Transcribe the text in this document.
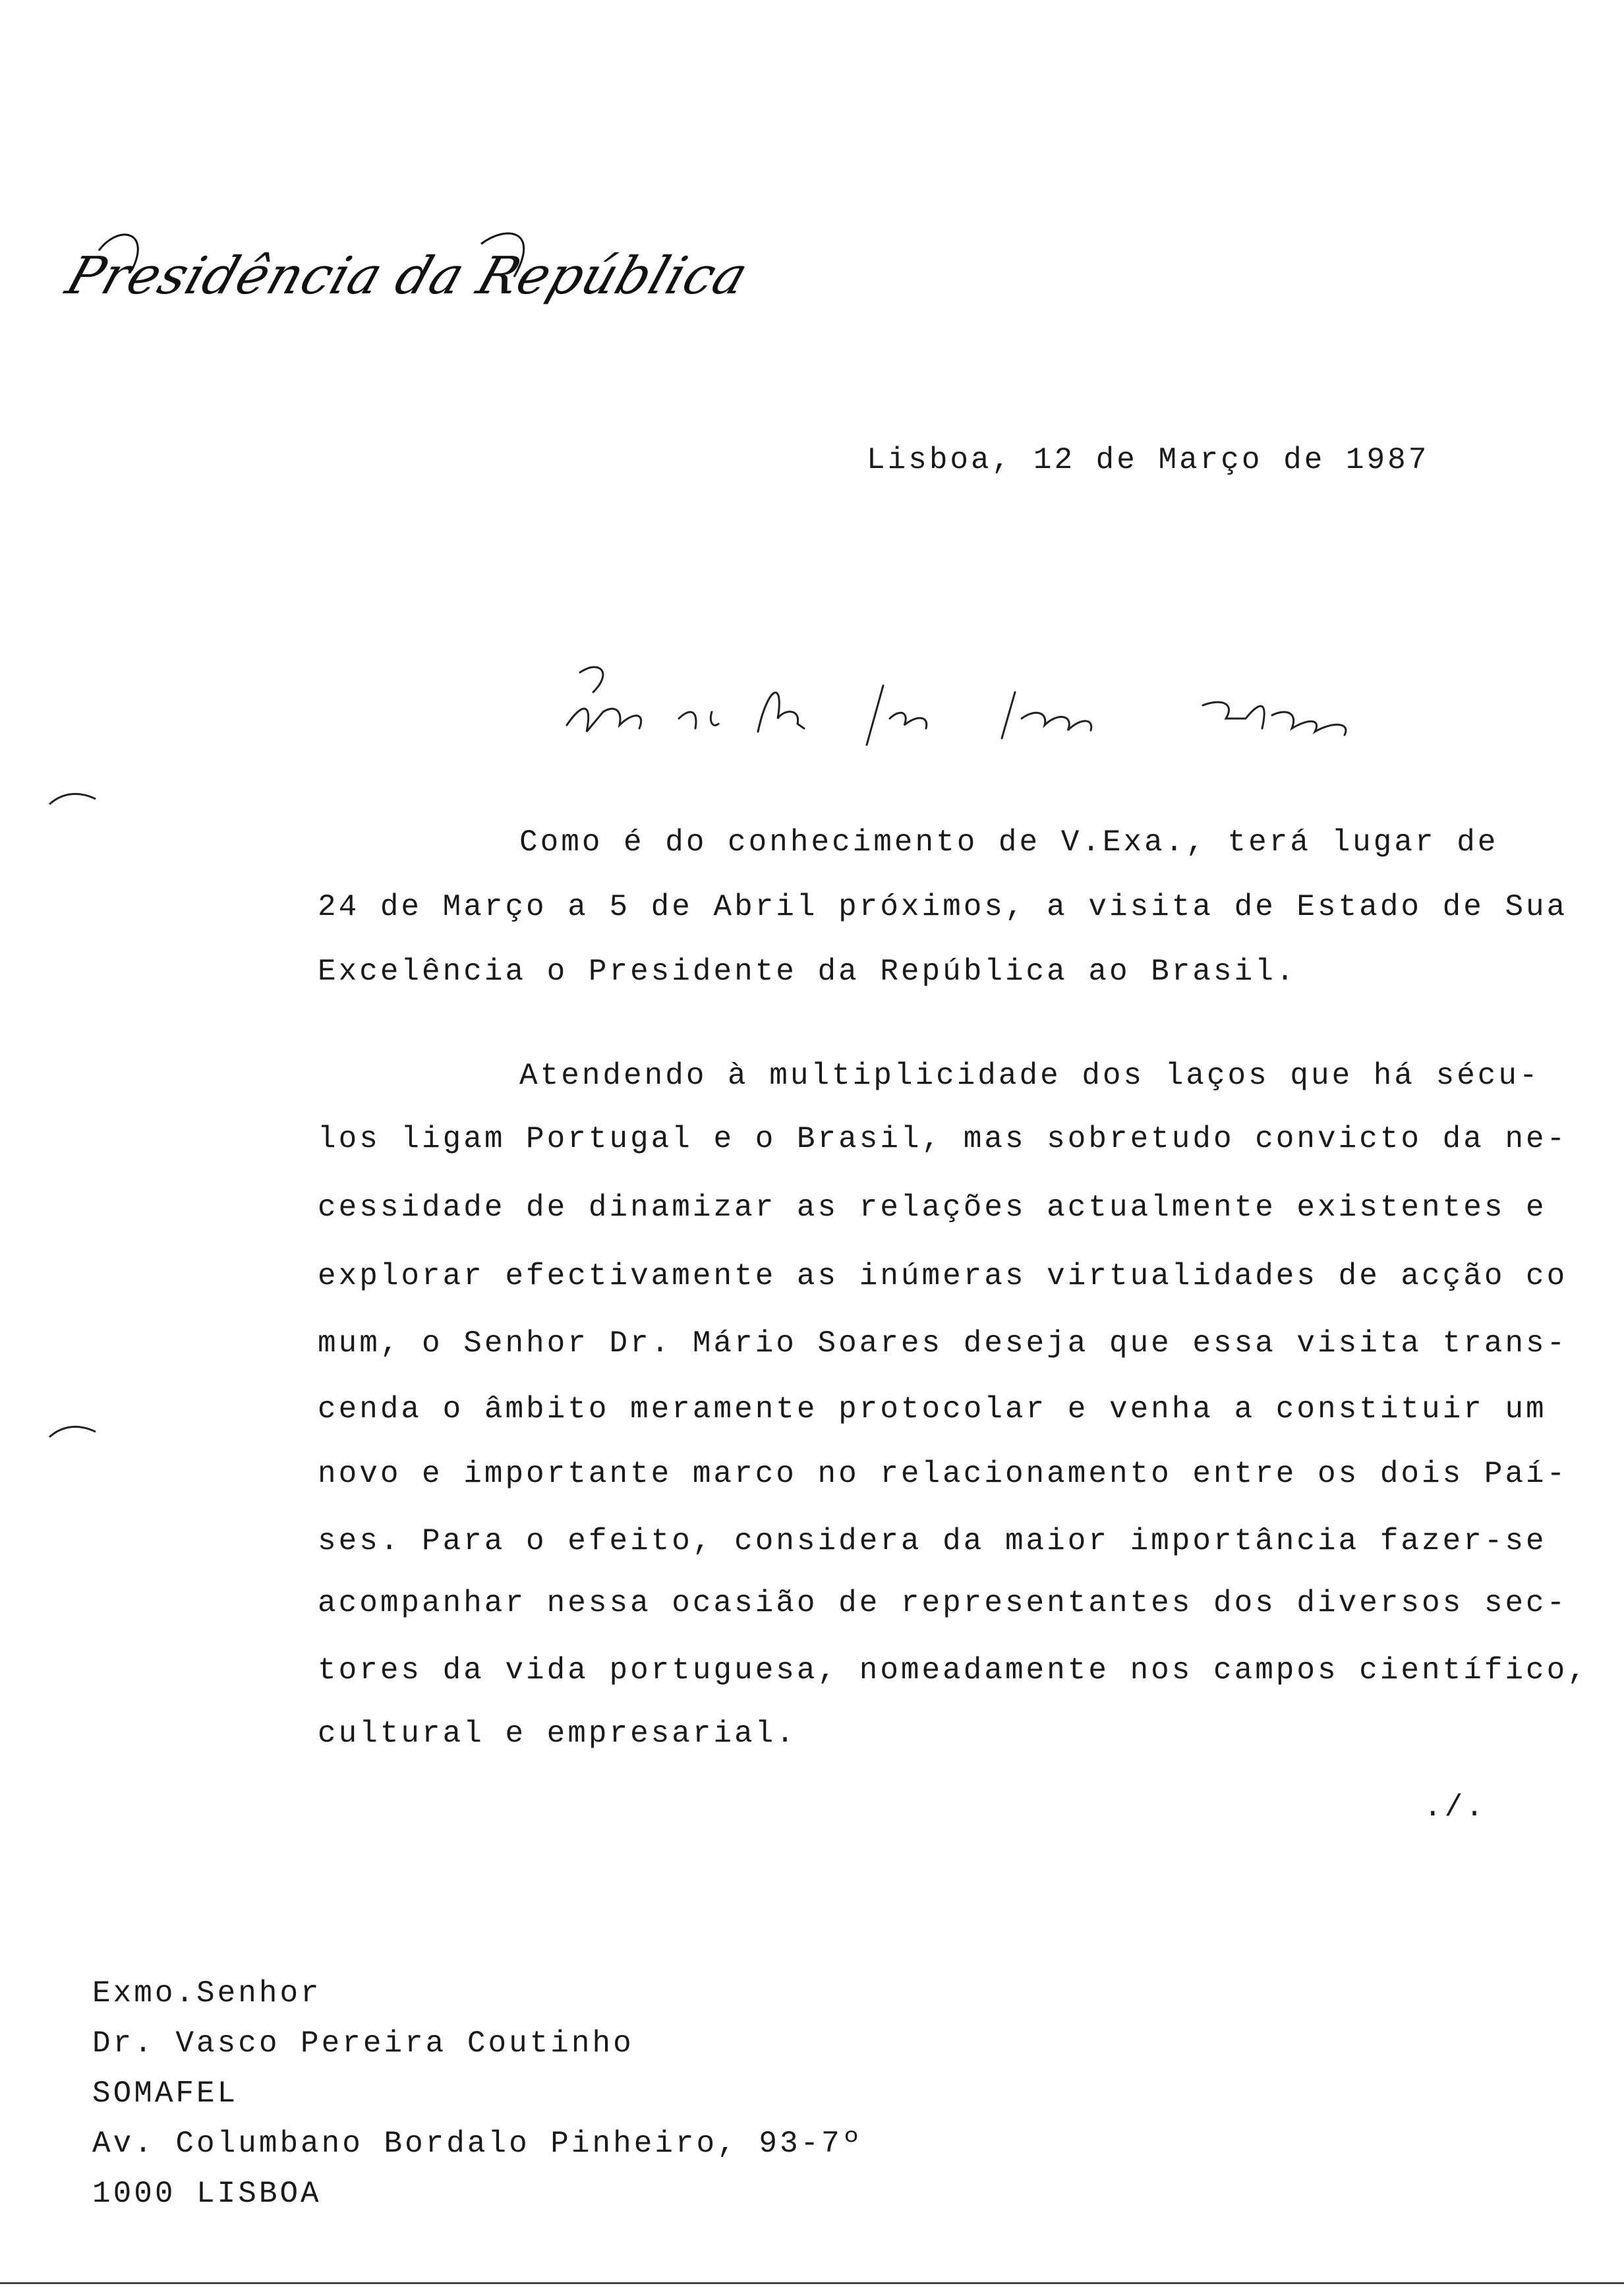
Presidência da República
Lisboa, 12 de Março de 1987
Como é do conhecimento de V.Exa., terá lugar de
24 de Março a 5 de Abril próximos, a visita de Estado de Sua
Excelência o Presidente da República ao Brasil.
Atendendo à multiplicidade dos laços que há sécu-
los ligam Portugal e o Brasil, mas sobretudo convicto da ne-
cessidade de dinamizar as relações actualmente existentes e
explorar efectivamente as inúmeras virtualidades de acção co
mum, o Senhor Dr. Mário Soares deseja que essa visita trans-
cenda o âmbito meramente protocolar e venha a constituir um
novo e importante marco no relacionamento entre os dois Paí-
ses. Para o efeito, considera da maior importância fazer-se
acompanhar nessa ocasião de representantes dos diversos sec-
tores da vida portuguesa, nomeadamente nos campos científico,
cultural e empresarial.
./.
Exmo.Senhor
Dr. Vasco Pereira Coutinho
SOMAFEL
Av. Columbano Bordalo Pinheiro, 93-7º
1000 LISBOA
